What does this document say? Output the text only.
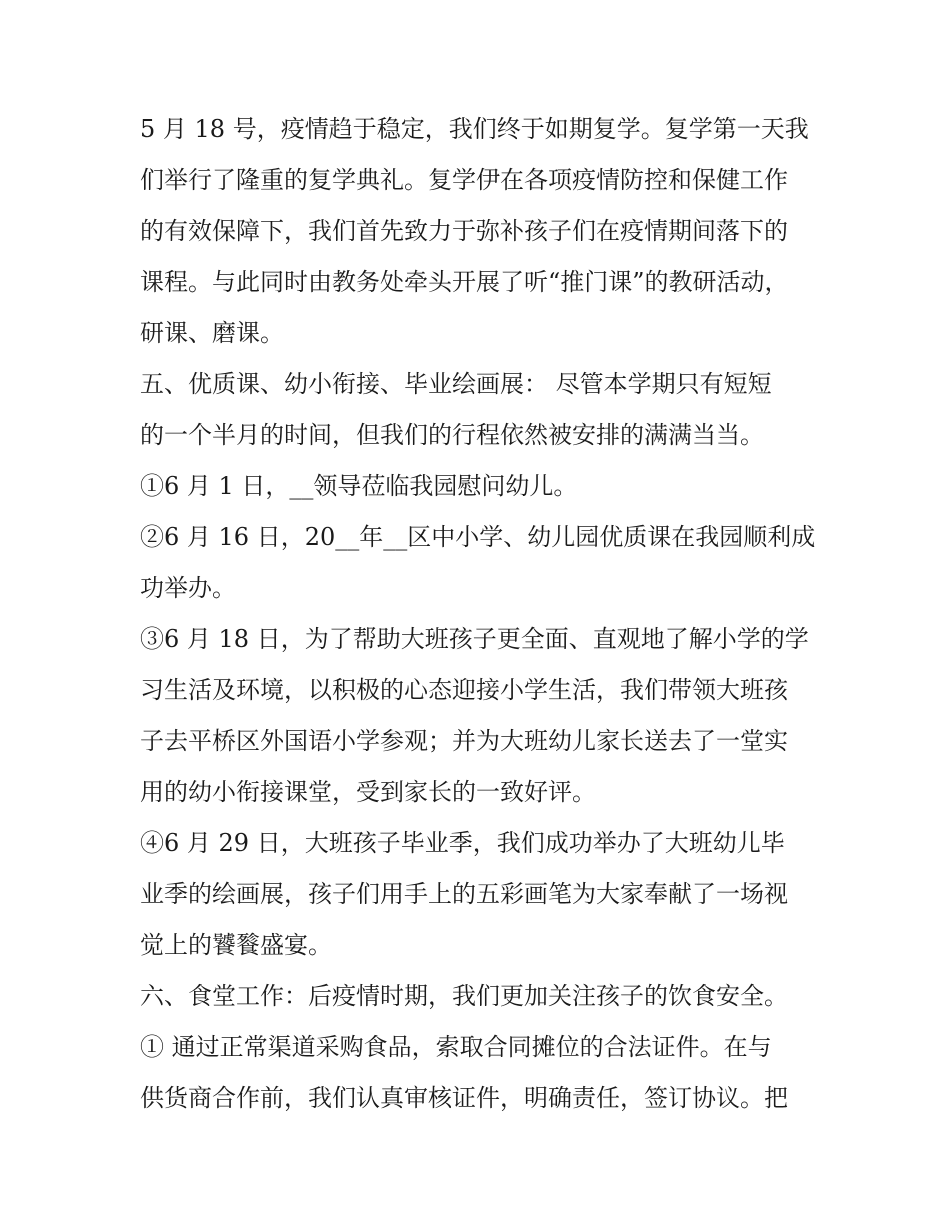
5 月 18 号，疫情趋于稳定，我们终于如期复学。复学第一天我
们举行了隆重的复学典礼。复学伊在各项疫情防控和保健工作
的有效保障下，我们首先致力于弥补孩子们在疫情期间落下的
课程。与此同时由教务处牵头开展了听“推门课”的教研活动，
研课、磨课。
五、优质课、幼小衔接、毕业绘画展： 尽管本学期只有短短
的一个半月的时间，但我们的行程依然被安排的满满当当。
①6 月 1 日，__领导莅临我园慰问幼儿。
②6 月 16 日，20__年__区中小学、幼儿园优质课在我园顺利成
功举办。
③6 月 18 日，为了帮助大班孩子更全面、直观地了解小学的学
习生活及环境，以积极的心态迎接小学生活，我们带领大班孩
子去平桥区外国语小学参观；并为大班幼儿家长送去了一堂实
用的幼小衔接课堂，受到家长的一致好评。
④6 月 29 日，大班孩子毕业季，我们成功举办了大班幼儿毕
业季的绘画展，孩子们用手上的五彩画笔为大家奉献了一场视
觉上的饕餮盛宴。
六、食堂工作：后疫情时期，我们更加关注孩子的饮食安全。
① 通过正常渠道采购食品，索取合同摊位的合法证件。在与
供货商合作前，我们认真审核证件，明确责任，签订协议。把
